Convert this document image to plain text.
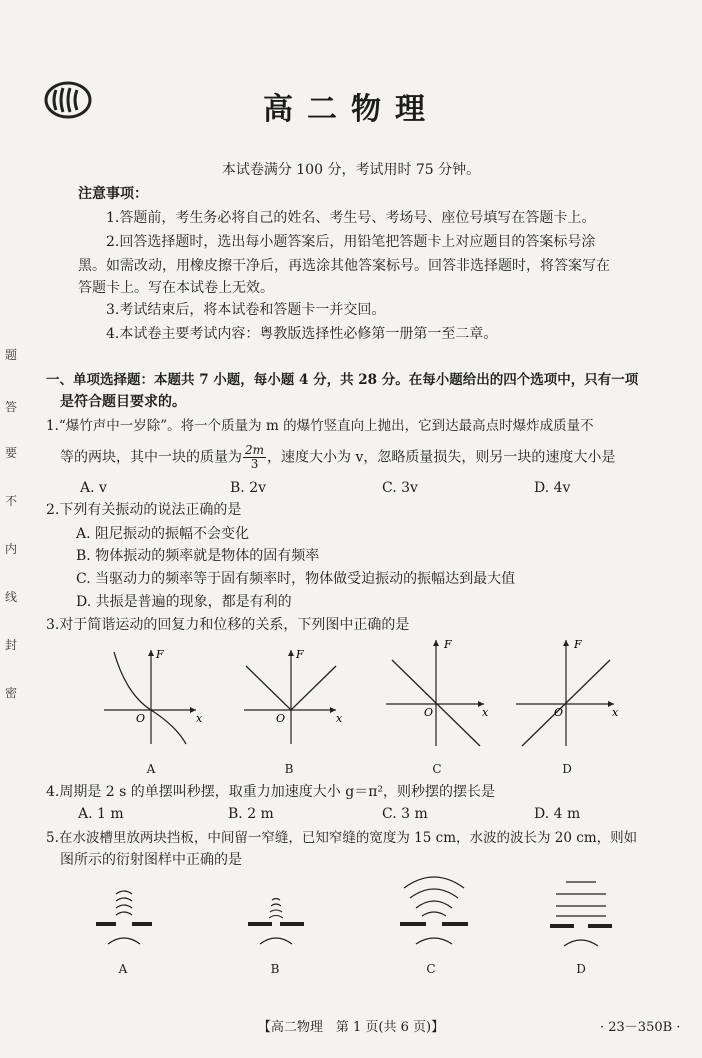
题
答
要
不
内
线
封
密
高二物理
本试卷满分 100 分，考试用时 75 分钟。
注意事项：
1.答题前，考生务必将自己的姓名、考生号、考场号、座位号填写在答题卡上。
2.回答选择题时，选出每小题答案后，用铅笔把答题卡上对应题目的答案标号涂
黑。如需改动，用橡皮擦干净后，再选涂其他答案标号。回答非选择题时，将答案写在
答题卡上。写在本试卷上无效。
3.考试结束后，将本试卷和答题卡一并交回。
4.本试卷主要考试内容：粤教版选择性必修第一册第一至二章。
一、单项选择题：本题共 7 小题，每小题 4 分，共 28 分。在每小题给出的四个选项中，只有一项
是符合题目要求的。
1.“爆竹声中一岁除”。将一个质量为 m 的爆竹竖直向上抛出，它到达最高点时爆炸成质量不
等的两块，其中一块的质量为 $\frac{2m}{3}$ ，速度大小为 v，忽略质量损失，则另一块的速度大小是
A. v	B. 2v	C. 3v	D. 4v
2.下列有关振动的说法正确的是
A. 阻尼振动的振幅不会变化
B. 物体振动的频率就是物体的固有频率
C. 当驱动力的频率等于固有频率时，物体做受迫振动的振幅达到最大值
D. 共振是普遍的现象，都是有利的
3.对于简谐运动的回复力和位移的关系，下列图中正确的是
F
x
O
A
F
x
O
B
F
x
O
C
F
x
O
D
4.周期是 2 s 的单摆叫秒摆，取重力加速度大小 g＝π²，则秒摆的摆长是
A. 1 m	B. 2 m	C. 3 m	D. 4 m
5.在水波槽里放两块挡板，中间留一窄缝，已知窄缝的宽度为 15 cm，水波的波长为 20 cm，则如
图所示的衍射图样中正确的是
A	B	C	D
【高二物理　第 1 页(共 6 页)】	· 23－350B ·
